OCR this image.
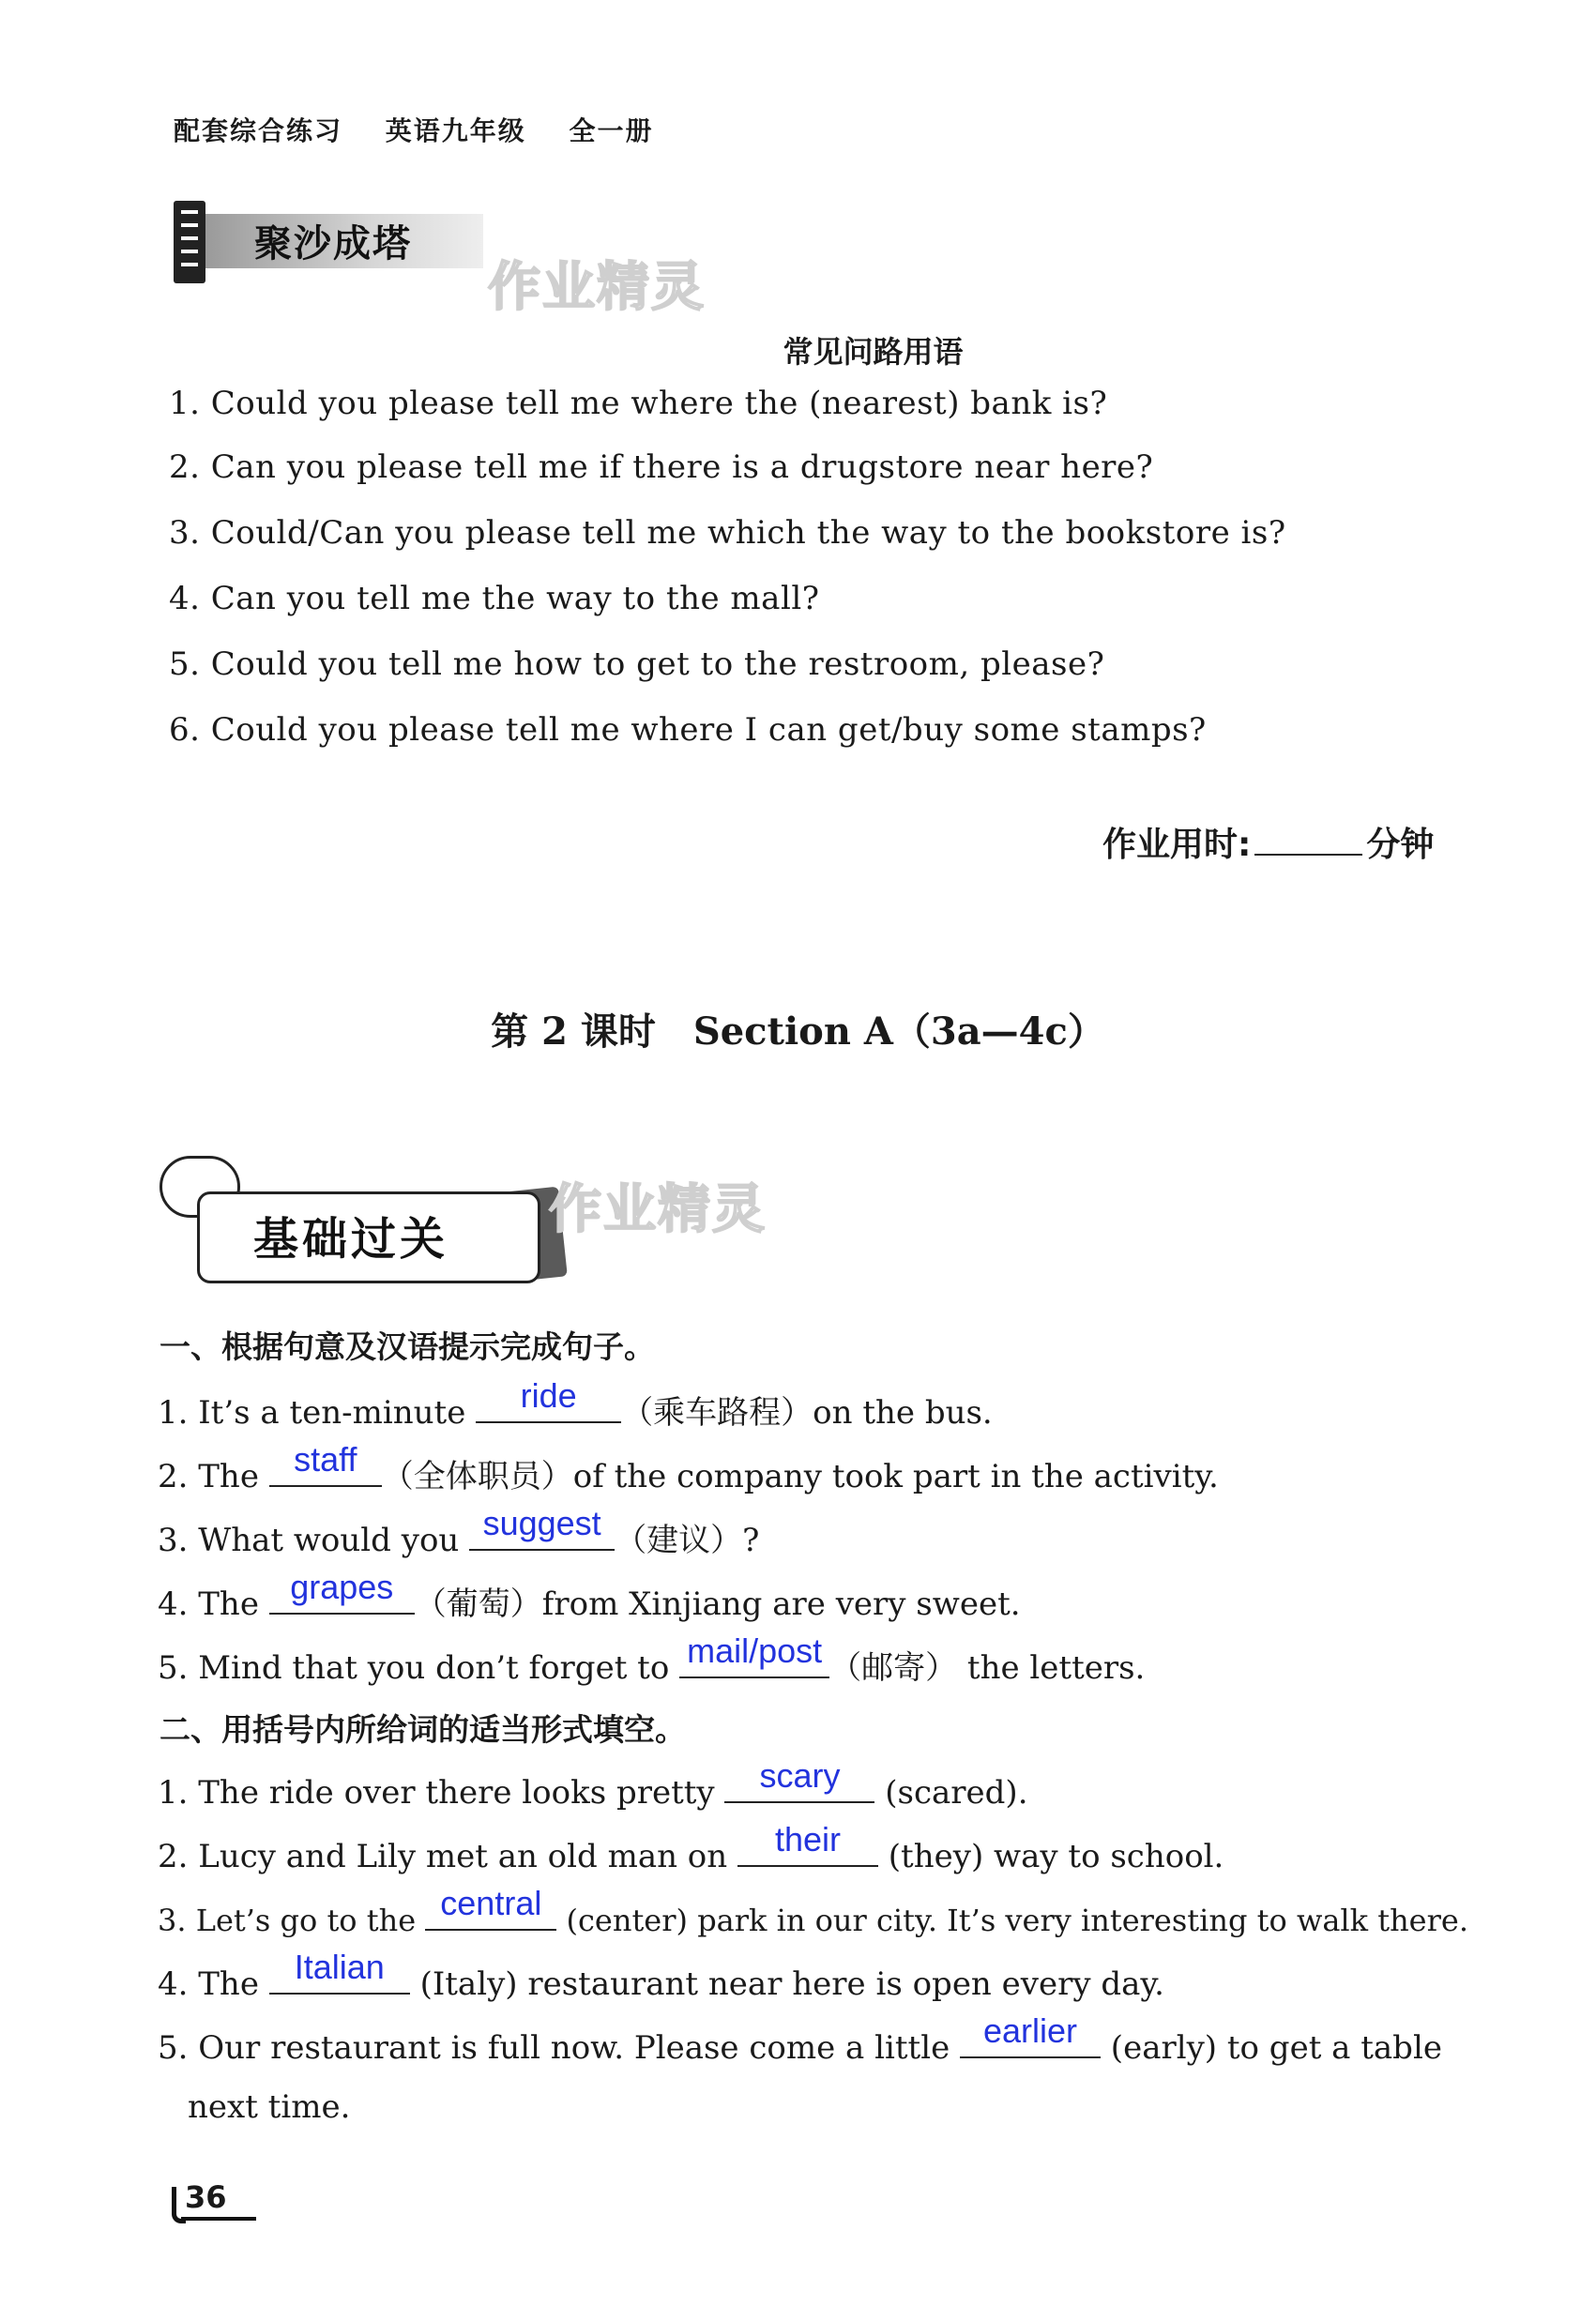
配套综合练习 英语九年级 全一册
聚沙成塔
作业精灵
常见问路用语
1. Could you please tell me where the (nearest) bank is?
2. Can you please tell me if there is a drugstore near here?
3. Could/Can you please tell me which the way to the bookstore is?
4. Can you tell me the way to the mall?
5. Could you tell me how to get to the restroom, please?
6. Could you please tell me where I can get/buy some stamps?
作业用时:	分钟
第 2 课时　Section A（3a—4c）
基础过关 作业精灵
一、根据句意及汉语提示完成句子。
1. It’s a ten-minute	ride	（乘车路程）on the bus.
2. The staff （全体职员）of the company took part in the activity.
3. What would you suggest （建议）?
4. The grapes （葡萄）from Xinjiang are very sweet.
5. Mind that you don’t forget to mail/post （邮寄） the letters.
二、用括号内所给词的适当形式填空。
1. The ride over there looks pretty	scary	(scared).
2. Lucy and Lily met an old man on	their	(they) way to school.
3. Let’s go to the central (center) park in our city. It’s very interesting to walk there.
4. The Italian (Italy) restaurant near here is open every day.
5. Our restaurant is full now. Please come a little earlier (early) to get a table
next time.
36
